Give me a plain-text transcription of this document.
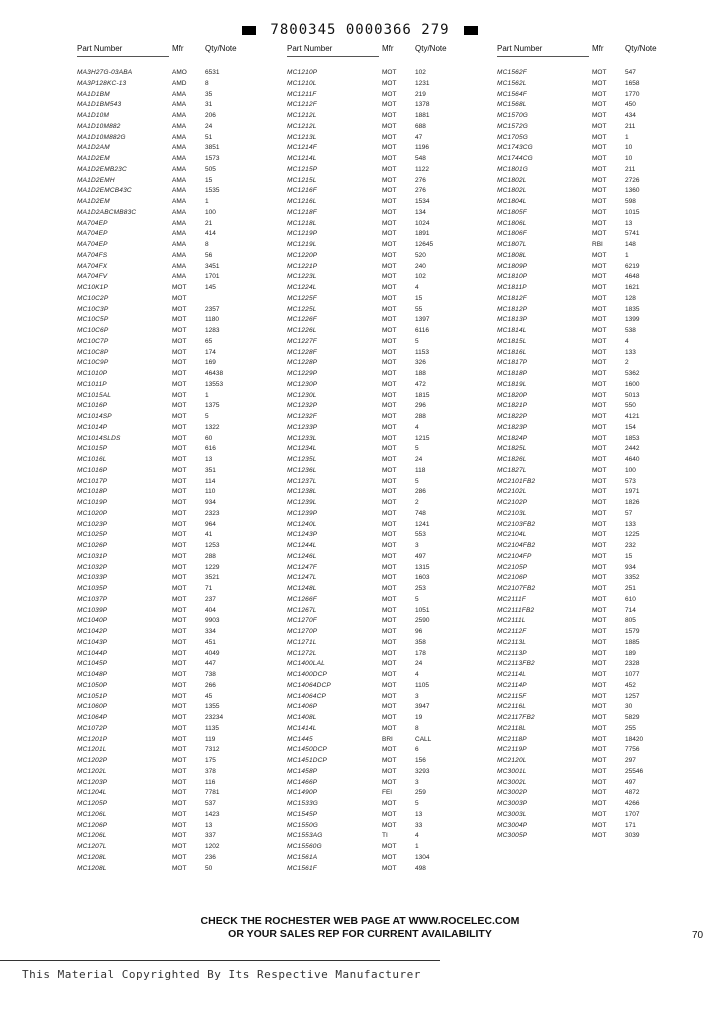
7800345 0000366 279
Part Number	Mfr	Qty/Note
MA3H27G-03ABA	AMO	6531
MA3P128KC-13	AMD	8
MA1D1BM	AMA	35
MA1D1BM543	AMA	31
MA1D10M	AMA	206
MA1D10M882	AMA	24
MA1D10M882G	AMA	51
MA1D2AM	AMA	3851
MA1D2EM	AMA	1573
MA1D2EMB23C	AMA	505
MA1D2EMH	AMA	15
MA1D2EMCB43C	AMA	1535
MA1D2EM	AMA	1
MA1D2ABCMB83C	AMA	100
MA704EP	AMA	21
MA704EP	AMA	414
MA704EP	AMA	8
MA704FS	AMA	56
MA704FX	AMA	3451
MA704FV	AMA	1701
MC10K1P	MOT	145
MC10C2P	MOT
MC10C3P	MOT	2357
MC10C5P	MOT	1180
MC10C6P	MOT	1283
MC10C7P	MOT	65
MC10C8P	MOT	174
MC10C9P	MOT	169
MC1010P	MOT	46438
MC1011P	MOT	13553
MC1015AL	MOT	1
MC1016P	MOT	1375
MC1014SP	MOT	5
MC1014P	MOT	1322
MC1014SLDS	MOT	60
MC1015P	MOT	616
MC1016L	MOT	13
MC1016P	MOT	351
MC1017P	MOT	114
MC1018P	MOT	110
MC1019P	MOT	934
MC1020P	MOT	2323
MC1023P	MOT	964
MC1025P	MOT	41
MC1026P	MOT	1253
MC1031P	MOT	288
MC1032P	MOT	1229
MC1033P	MOT	3521
MC1035P	MOT	71
MC1037P	MOT	237
MC1039P	MOT	404
MC1040P	MOT	9903
MC1042P	MOT	334
MC1043P	MOT	451
MC1044P	MOT	4049
MC1045P	MOT	447
MC1048P	MOT	738
MC1050P	MOT	266
MC1051P	MOT	45
MC1060P	MOT	1355
MC1064P	MOT	23234
MC1072P	MOT	1135
MC1201P	MOT	119
MC1201L	MOT	7312
MC1202P	MOT	175
MC1202L	MOT	378
MC1203P	MOT	116
MC1204L	MOT	7781
MC1205P	MOT	537
MC1206L	MOT	1423
MC1206P	MOT	13
MC1206L	MOT	337
MC1207L	MOT	1202
MC1208L	MOT	236
MC1208L	MOT	50
Part Number	Mfr	Qty/Note
MC1210P	MOT	102
MC1210L	MOT	1231
MC1211F	MOT	219
MC1212F	MOT	1378
MC1212L	MOT	1881
MC1212L	MOT	688
MC1213L	MOT	47
MC1214F	MOT	1196
MC1214L	MOT	548
MC1215P	MOT	1122
MC1215L	MOT	276
MC1216F	MOT	276
MC1216L	MOT	1534
MC1218F	MOT	134
MC1218L	MOT	1024
MC1219P	MOT	1891
MC1219L	MOT	12645
MC1220P	MOT	520
MC1221P	MOT	240
MC1223L	MOT	102
MC1224L	MOT	4
MC1225F	MOT	15
MC1225L	MOT	55
MC1226F	MOT	1397
MC1226L	MOT	6116
MC1227F	MOT	5
MC1228F	MOT	1153
MC1228P	MOT	326
MC1229P	MOT	188
MC1230P	MOT	472
MC1230L	MOT	1815
MC1232P	MOT	296
MC1232F	MOT	288
MC1233P	MOT	4
MC1233L	MOT	1215
MC1234L	MOT	5
MC1235L	MOT	24
MC1236L	MOT	118
MC1237L	MOT	5
MC1238L	MOT	286
MC1239L	MOT	2
MC1239P	MOT	748
MC1240L	MOT	1241
MC1243P	MOT	553
MC1244L	MOT	3
MC1246L	MOT	497
MC1247F	MOT	1315
MC1247L	MOT	1603
MC1248L	MOT	253
MC1266F	MOT	5
MC1267L	MOT	1051
MC1270F	MOT	2590
MC1270P	MOT	96
MC1271L	MOT	358
MC1272L	MOT	178
MC1400LAL	MOT	24
MC1400DCP	MOT	4
MC14064DCP	MOT	1105
MC14064CP	MOT	3
MC1406P	MOT	3947
MC1408L	MOT	19
MC1414L	MOT	8
MC1445	BRI	CALL
MC1450DCP	MOT	6
MC1451DCP	MOT	156
MC1458P	MOT	3293
MC1466P	MOT	3
MC1490P	FEI	259
MC1533G	MOT	5
MC1545P	MOT	13
MC1550G	MOT	33
MC1553AG	TI	4
MC15560G	MOT	1
MC1561A	MOT	1304
MC1561F	MOT	498
Part Number	Mfr	Qty/Note
MC1562F	MOT	547
MC1562L	MOT	1658
MC1564F	MOT	1770
MC1568L	MOT	450
MC1570G	MOT	434
MC1572G	MOT	211
MC1705G	MOT	1
MC1743CG	MOT	10
MC1744CG	MOT	10
MC1801G	MOT	211
MC1802L	MOT	2726
MC1802L	MOT	1360
MC1804L	MOT	598
MC1805F	MOT	1015
MC1806L	MOT	13
MC1806F	MOT	5741
MC1807L	RBI	148
MC1808L	MOT	1
MC1809P	MOT	6219
MC1810P	MOT	4648
MC1811P	MOT	1621
MC1812F	MOT	128
MC1812P	MOT	1835
MC1813P	MOT	1399
MC1814L	MOT	538
MC1815L	MOT	4
MC1816L	MOT	133
MC1817P	MOT	2
MC1818P	MOT	5362
MC1819L	MOT	1600
MC1820P	MOT	5013
MC1821P	MOT	550
MC1822P	MOT	4121
MC1823P	MOT	154
MC1824P	MOT	1853
MC1825L	MOT	2442
MC1826L	MOT	4640
MC1827L	MOT	100
MC2101FB2	MOT	573
MC2102L	MOT	1971
MC2102P	MOT	1826
MC2103L	MOT	57
MC2103FB2	MOT	133
MC2104L	MOT	1225
MC2104FB2	MOT	232
MC2104FP	MOT	15
MC2105P	MOT	934
MC2106P	MOT	3352
MC2107FB2	MOT	251
MC2111F	MOT	610
MC2111FB2	MOT	714
MC2111L	MOT	805
MC2112F	MOT	1579
MC2113L	MOT	1885
MC2113P	MOT	189
MC2113FB2	MOT	2328
MC2114L	MOT	1077
MC2114P	MOT	452
MC2115F	MOT	1257
MC2116L	MOT	30
MC2117FB2	MOT	5829
MC2118L	MOT	255
MC2118P	MOT	18420
MC2119P	MOT	7756
MC2120L	MOT	297
MC3001L	MOT	25546
MC3002L	MOT	497
MC3002P	MOT	4872
MC3003P	MOT	4266
MC3003L	MOT	1707
MC3004P	MOT	171
MC3005P	MOT	3039
CHECK THE ROCHESTER WEB PAGE AT WWW.ROCELEC.COM
OR YOUR SALES REP FOR CURRENT AVAILABILITY	70
This Material Copyrighted By Its Respective Manufacturer
